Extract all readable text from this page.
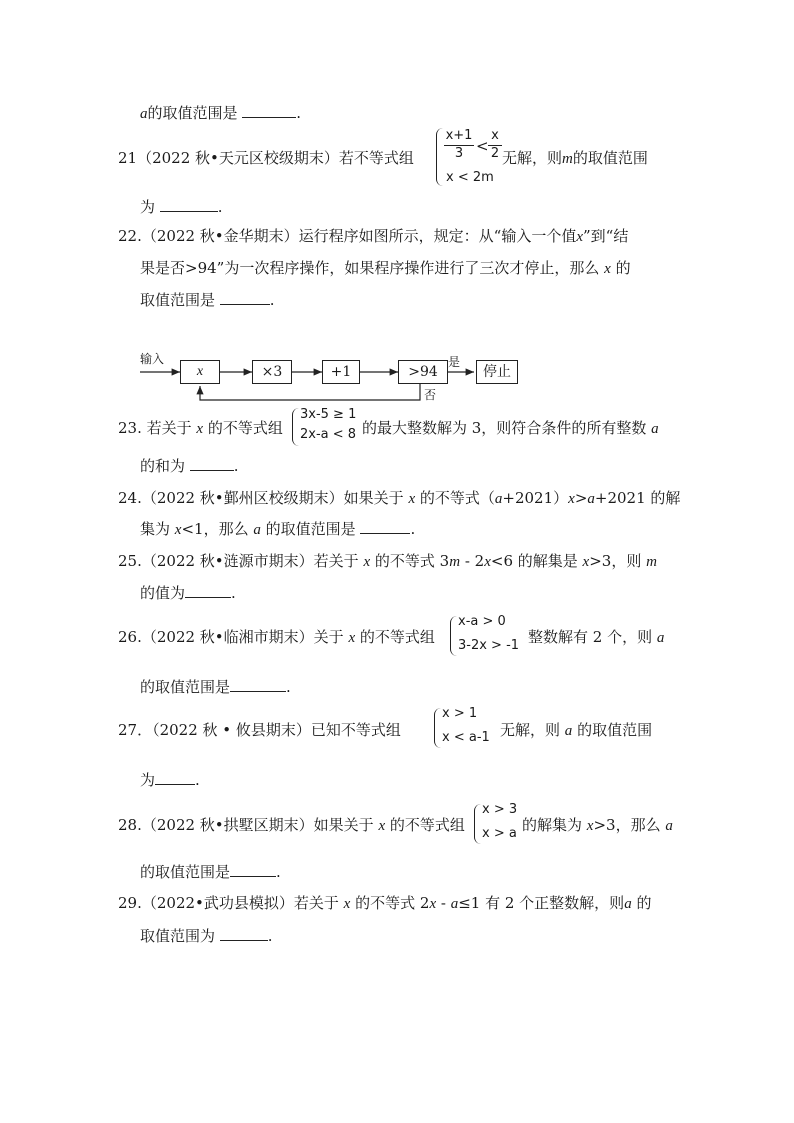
a的取值范围是	.
21（2022 秋•天元区校级期末）若不等式组
x+1
3 <
x
2
x < 2m
无解，则m的取值范围
为	.
22.（2022 秋•金华期末）运行程序如图所示，规定：从“输入一个值x”到“结
果是否>94”为一次程序操作，如果程序操作进行了三次才停止，那么 x 的
取值范围是	.
输入
x	×3	+1	>94
是
否
停止
23. 若关于 x 的不等式组
3x-5 ≥ 1
2x-a < 8 的最大整数解为 3，则符合条件的所有整数 a
的和为	.
24.（2022 秋•鄞州区校级期末）如果关于 x 的不等式（a+2021）x>a+2021 的解
集为 x<1，那么 a 的取值范围是	.
25.（2022 秋•涟源市期末）若关于 x 的不等式 3m - 2x<6 的解集是 x>3，则 m
的值为	.
26.（2022 秋•临湘市期末）关于 x 的不等式组
x-a > 0
3-2x > -1 整数解有 2 个，则 a
的取值范围是	.
27．（2022 秋 • 攸县期末）已知不等式组
x > 1
x < a-1 无解，则 a 的取值范围
为	.
28.（2022 秋•拱墅区期末）如果关于 x 的不等式组
x > 3
x > a 的解集为 x>3，那么 a
的取值范围是	.
29.（2022•武功县模拟）若关于 x 的不等式 2x - a≤1 有 2 个正整数解，则a 的
取值范围为	.
